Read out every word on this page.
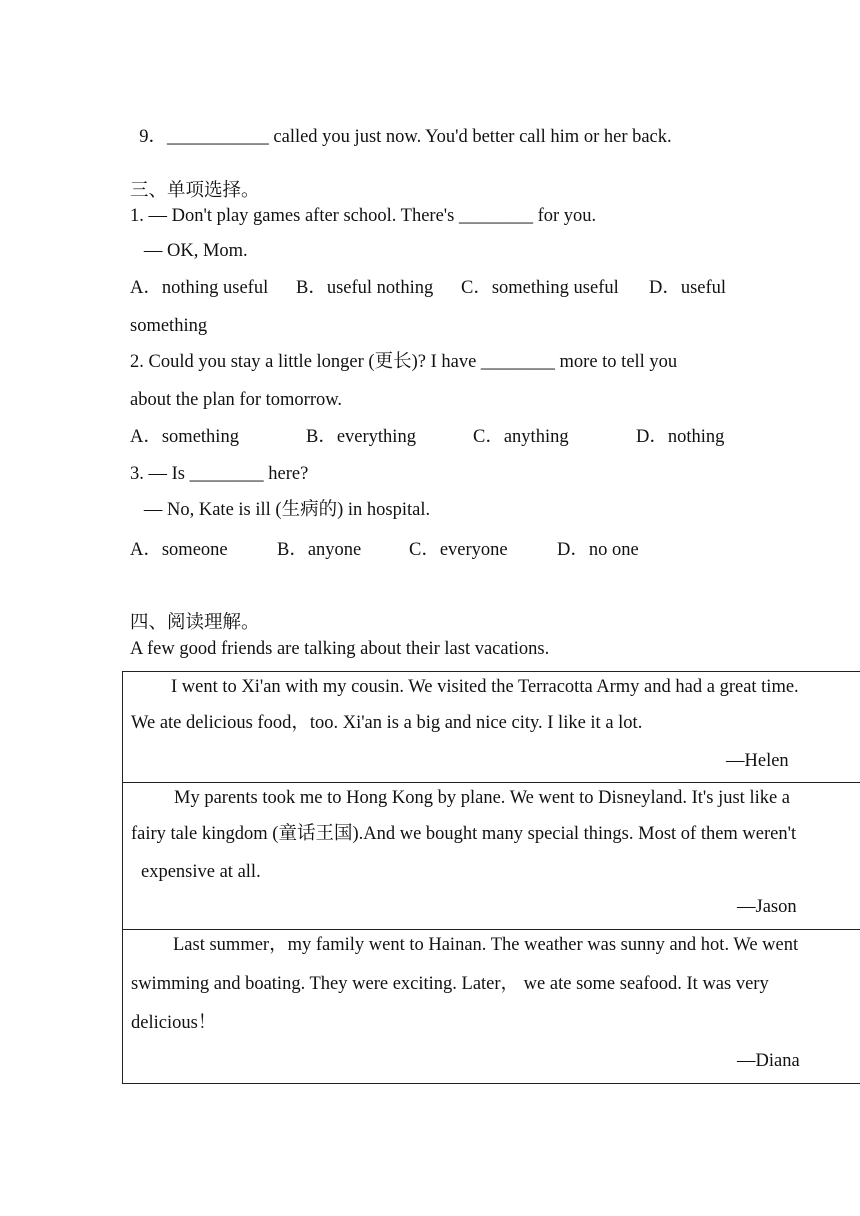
9．___________ called you just now. You'd better call him or her back.

三、单项选择。
1. — Don't play games after school. There's ________ for you.
— OK, Mom.
A．nothing useful B．useful nothing C．something useful D．useful
something
2. Could you stay a little longer (更长)? I have ________ more to tell you
about the plan for tomorrow.
A．something	B．everything	C．anything	D．nothing
3. — Is ________ here?
— No, Kate is ill (生病的) in hospital.
A．someone	B．anyone	C．everyone	D．no one
四、阅读理解。
A few good friends are talking about their last vacations.
I went to Xi'an with my cousin. We visited the Terracotta Army and had a great time.
We ate delicious food，too. Xi'an is a big and nice city. I like it a lot.
—Helen

My parents took me to Hong Kong by plane. We went to Disneyland. It's just like a
fairy tale kingdom (童话王国).And we bought many special things. Most of them weren't
expensive at all.
—Jason

Last summer，my family went to Hainan. The weather was sunny and hot. We went
swimming and boating. They were exciting. Later， we ate some seafood. It was very
delicious！
—Diana
